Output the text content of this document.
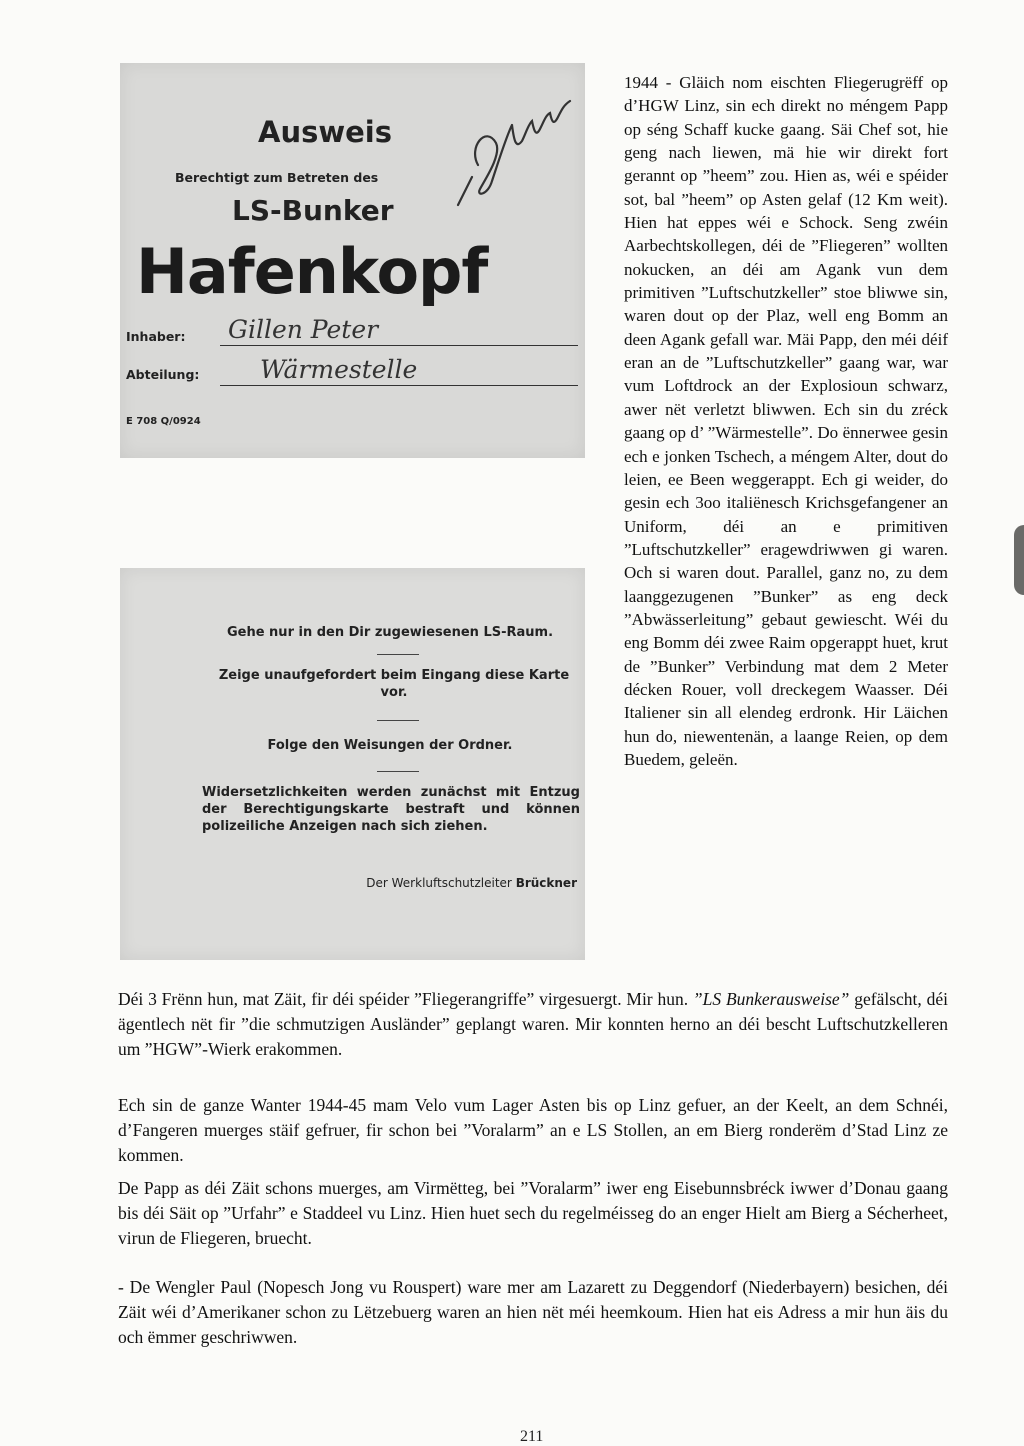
Ausweis
Berechtigt zum Betreten des
LS-Bunker
Hafenkopf
Inhaber: Gillen Peter
Abteilung: Wärmestelle
E 708 Q/0924
Gehe nur in den Dir zugewiesenen LS-Raum.
Zeige unaufgefordert beim Eingang diese Karte vor.
Folge den Weisungen der Ordner.
Widersetzlichkeiten werden zunächst mit Entzug der Berechtigungskarte bestraft und können polizeiliche Anzeigen nach sich ziehen.
Der Werkluftschutzleiter Brückner

1944 - Gläich nom eischten Fliegerugrëff op d’HGW Linz, sin ech direkt no méngem Papp op séng Schaff kucke gaang. Säi Chef sot, hie geng nach liewen, mä hie wir direkt fort gerannt op ”heem” zou. Hien as, wéi e spéider sot, bal ”heem” op Asten gelaf (12 Km weit). Hien hat eppes wéi e Schock. Seng zwéin Aarbechtskollegen, déi de ”Fliegeren” wollten nokucken, an déi am Agank vun dem primitiven ”Luftschutzkeller” stoe bliwwe sin, waren dout op der Plaz, well eng Bomm an deen Agank gefall war. Mäi Papp, den méi déif eran an de ”Luftschutzkeller” gaang war, war vum Loftdrock an der Explosioun schwarz, awer nët verletzt bliwwen. Ech sin du zréck gaang op d’ ”Wärmestelle”. Do ënnerwee gesin ech e jonken Tschech, a méngem Alter, dout do leien, ee Been weggerappt. Ech gi weider, do gesin ech 3oo italiënesch Krichsgefangener an Uniform, déi an e primitiven ”Luftschutzkeller” eragewdriwwen gi waren. Och si waren dout. Parallel, ganz no, zu dem laanggezugenen ”Bunker” as eng deck ”Abwässerleitung” gebaut gewiescht. Wéi du eng Bomm déi zwee Raim opgerappt huet, krut de ”Bunker” Verbindung mat dem 2 Meter décken Rouer, voll dreckegem Waasser. Déi Italiener sin all elendeg erdronk. Hir Läichen hun do, niewentenän, a laange Reien, op dem Buedem, geleën.

Déi 3 Frënn hun, mat Zäit, fir déi spéider ”Fliegerangriffe” virgesuergt. Mir hun. ”LS Bunkerausweise” gefälscht, déi ägentlech nët fir ”die schmutzigen Ausländer” geplangt waren. Mir konnten herno an déi bescht Luftschutzkelleren um ”HGW”-Wierk erakommen.

Ech sin de ganze Wanter 1944-45 mam Velo vum Lager Asten bis op Linz gefuer, an der Keelt, an dem Schnéi, d’Fangeren muerges stäif gefruer, fir schon bei ”Voralarm” an e LS Stollen, an em Bierg ronderëm d’Stad Linz ze kommen.

De Papp as déi Zäit schons muerges, am Virmëtteg, bei ”Voralarm” iwer eng Eisebunnsbréck iwwer d’Donau gaang bis déi Säit op ”Urfahr” e Staddeel vu Linz. Hien huet sech du regelméisseg do an enger Hielt am Bierg a Sécherheet, virun de Fliegeren, bruecht.

- De Wengler Paul (Nopesch Jong vu Rouspert) ware mer am Lazarett zu Deggendorf (Niederbayern) besichen, déi Zäit wéi d’Amerikaner schon zu Lëtzebuerg waren an hien nët méi heemkoum. Hien hat eis Adress a mir hun äis du och ëmmer geschriwwen.

211
